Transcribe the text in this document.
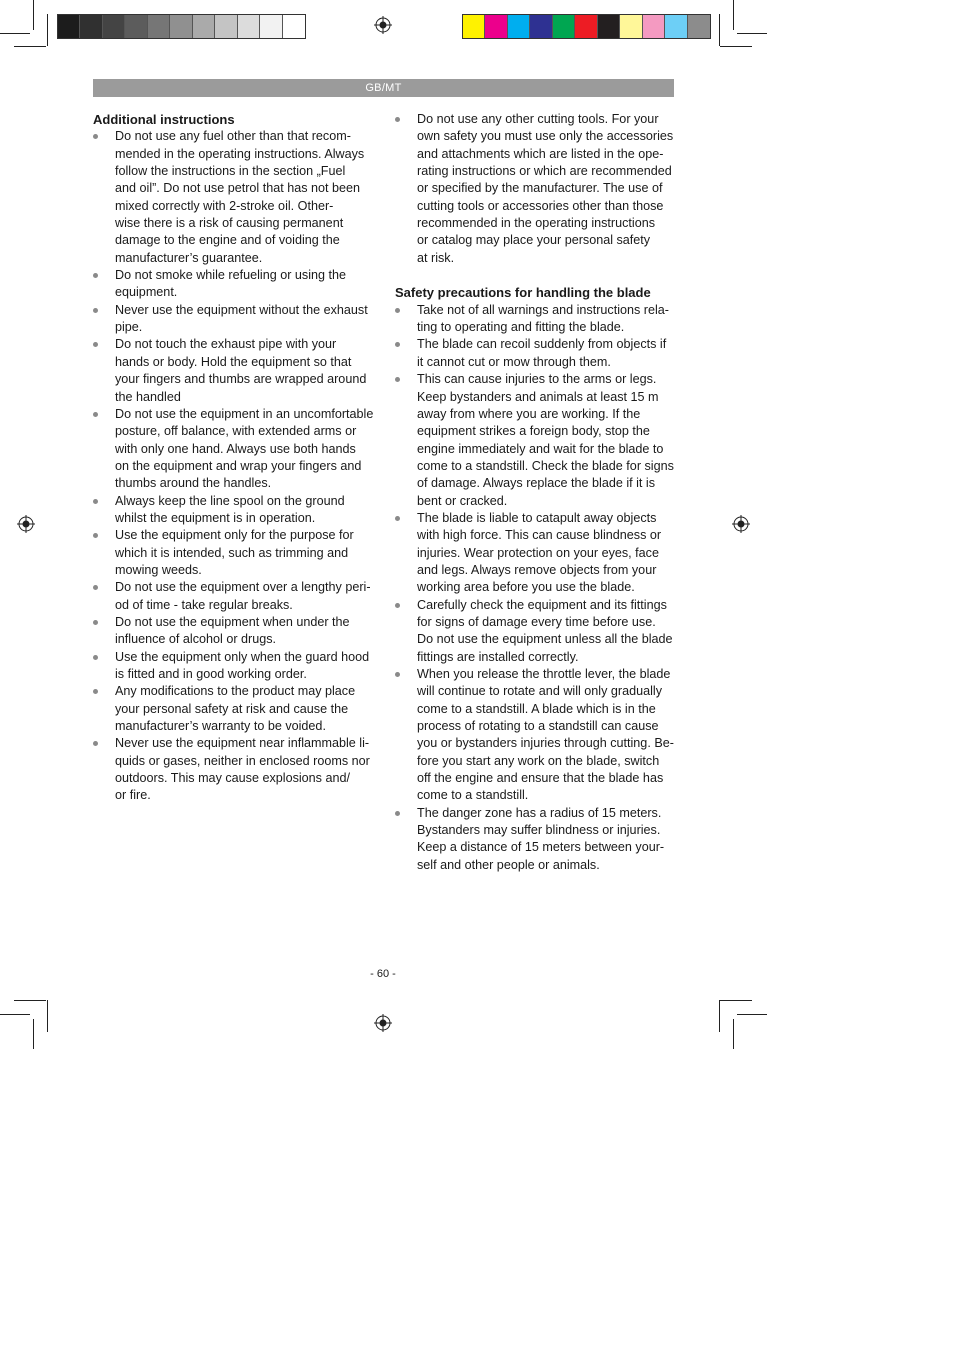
GB/MT
Additional instructions
Do not use any fuel other than that recom-
mended in the operating instructions. Always
follow the instructions in the section „Fuel
and oil”. Do not use petrol that has not been
mixed correctly with 2-stroke oil. Other-
wise there is a risk of causing permanent
damage to the engine and of voiding the
manufacturer’s guarantee.
Do not smoke while refueling or using the
equipment.
Never use the equipment without the exhaust
pipe.
Do not touch the exhaust pipe with your
hands or body. Hold the equipment so that
your fingers and thumbs are wrapped around
the handled
Do not use the equipment in an uncomfortable
posture, off balance, with extended arms or
with only one hand. Always use both hands
on the equipment and wrap your fingers and
thumbs around the handles.
Always keep the line spool on the ground
whilst the equipment is in operation.
Use the equipment only for the purpose for
which it is intended, such as trimming and
mowing weeds.
Do not use the equipment over a lengthy peri-
od of time - take regular breaks.
Do not use the equipment when under the
influence of alcohol or drugs.
Use the equipment only when the guard hood
is fitted and in good working order.
Any modifications to the product may place
your personal safety at risk and cause the
manufacturer’s warranty to be voided.
Never use the equipment near inflammable li-
quids or gases, neither in enclosed rooms nor
outdoors. This may cause explosions and/
or fire.
Do not use any other cutting tools. For your
own safety you must use only the accessories
and attachments which are listed in the ope-
rating instructions or which are recommended
or specified by the manufacturer. The use of
cutting tools or accessories other than those
recommended in the operating instructions
or catalog may place your personal safety
at risk.
Safety precautions for handling the blade
Take not of all warnings and instructions rela-
ting to operating and fitting the blade.
The blade can recoil suddenly from objects if
it cannot cut or mow through them.
This can cause injuries to the arms or legs.
Keep bystanders and animals at least 15 m
away from where you are working. If the
equipment strikes a foreign body, stop the
engine immediately and wait for the blade to
come to a standstill. Check the blade for signs
of damage. Always replace the blade if it is
bent or cracked.
The blade is liable to catapult away objects
with high force. This can cause blindness or
injuries. Wear protection on your eyes, face
and legs. Always remove objects from your
working area before you use the blade.
Carefully check the equipment and its fittings
for signs of damage every time before use.
Do not use the equipment unless all the blade
fittings are installed correctly.
When you release the throttle lever, the blade
will continue to rotate and will only gradually
come to a standstill. A blade which is in the
process of rotating to a standstill can cause
you or bystanders injuries through cutting. Be-
fore you start any work on the blade, switch
off the engine and ensure that the blade has
come to a standstill.
The danger zone has a radius of 15 meters.
Bystanders may suffer blindness or injuries.
Keep a distance of 15 meters between your-
self and other people or animals.
- 60 -
